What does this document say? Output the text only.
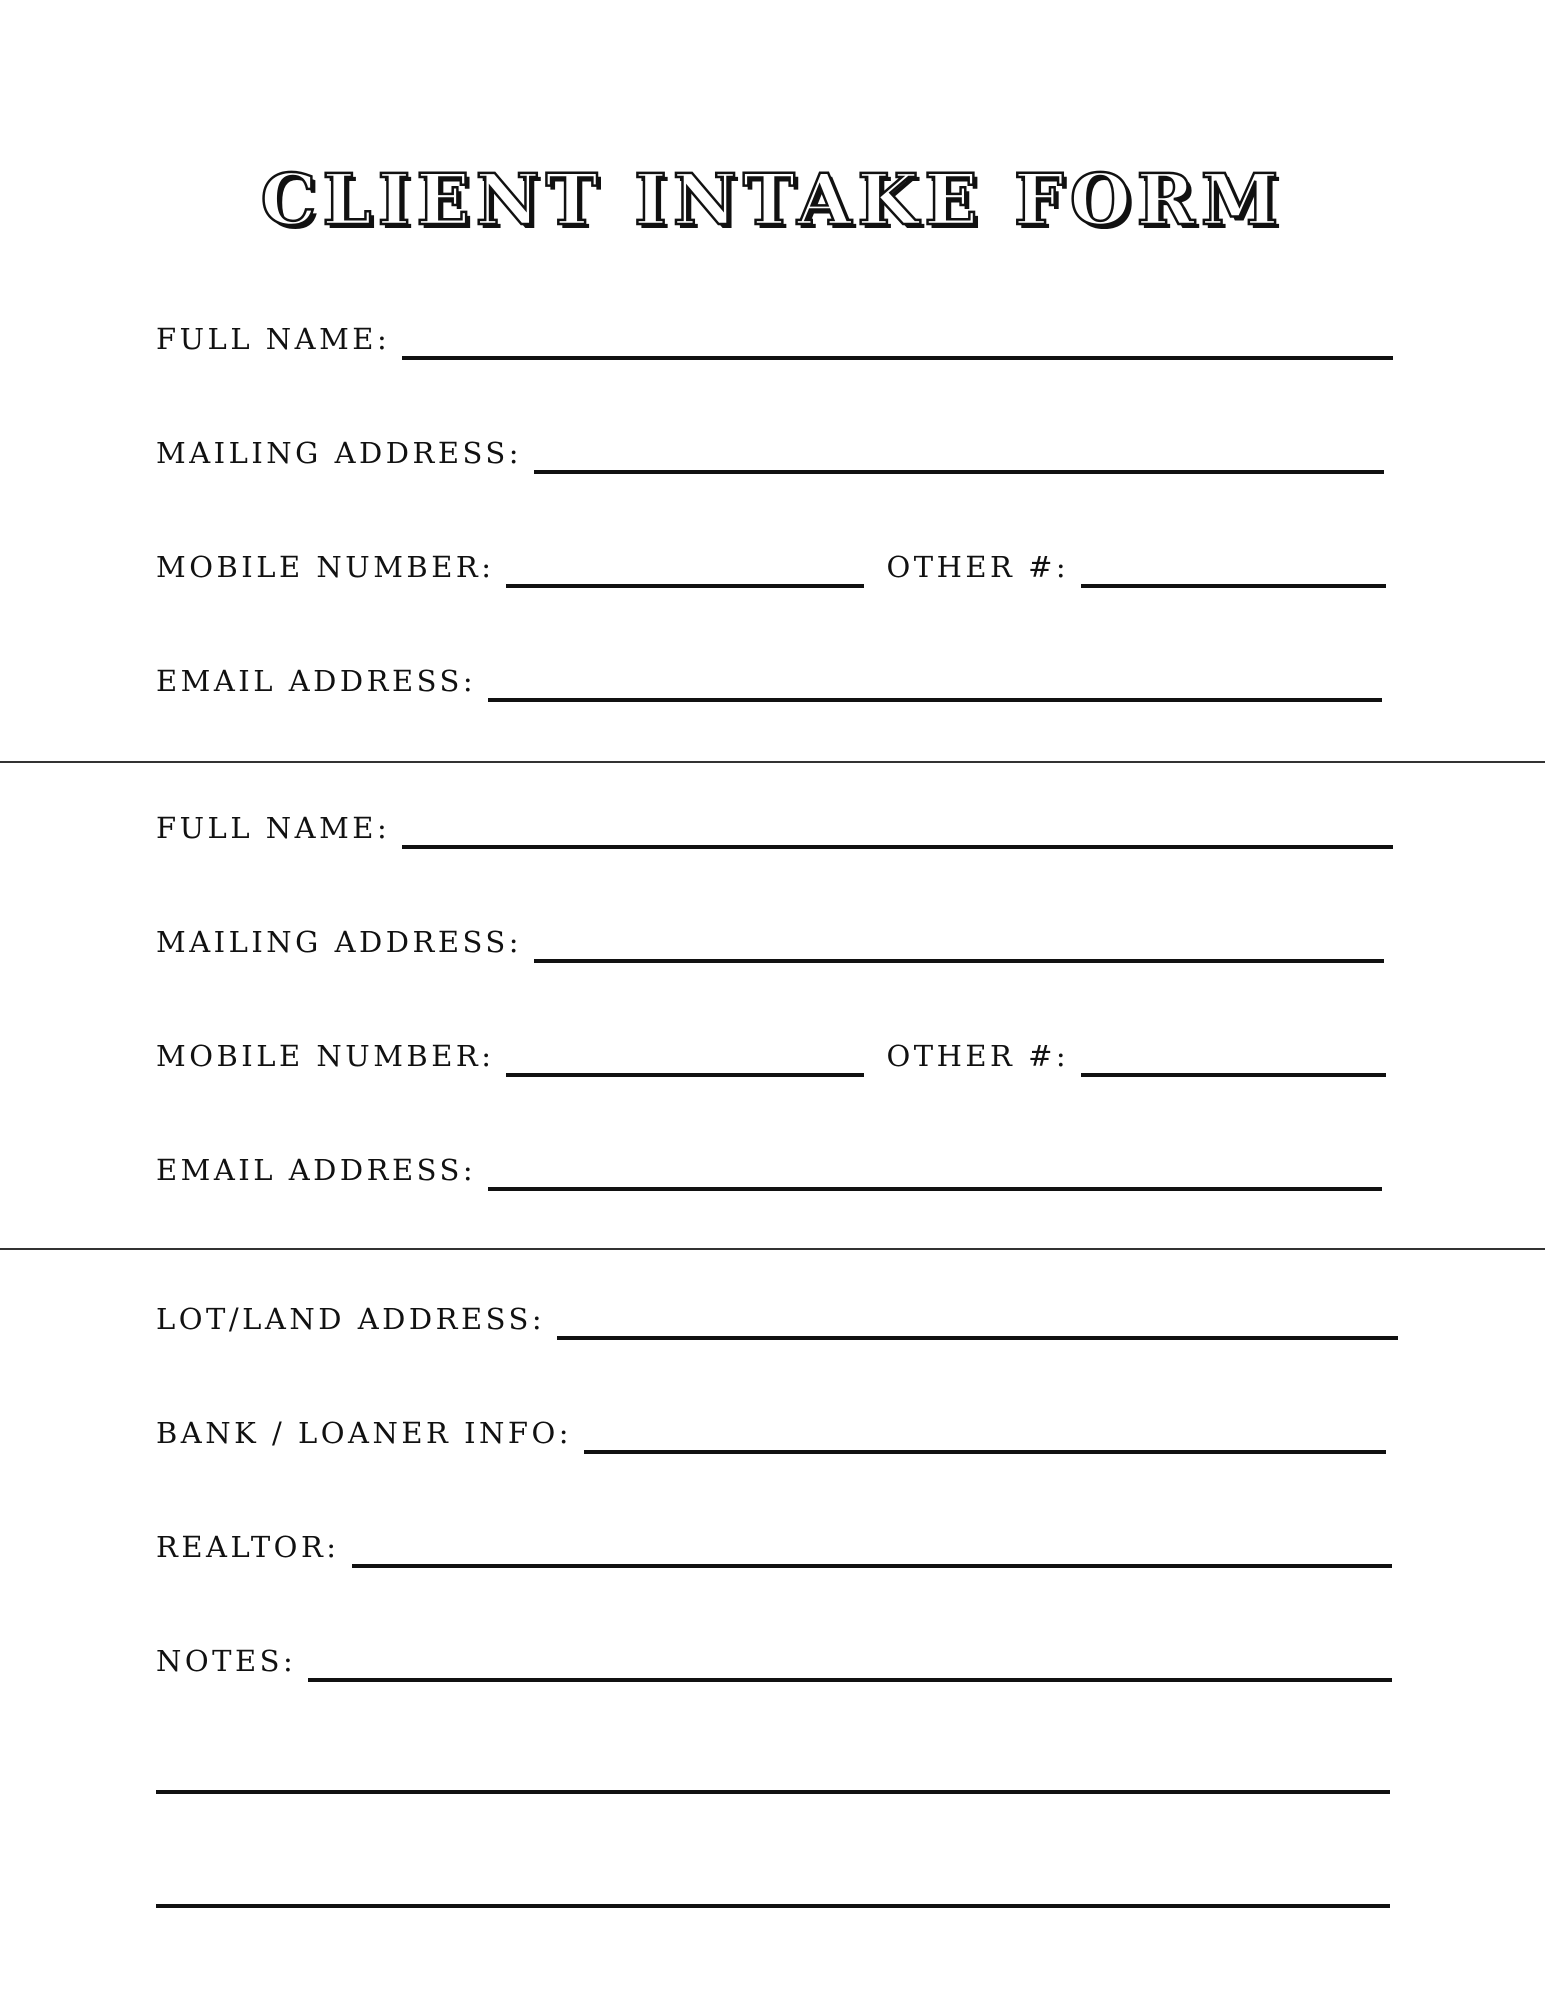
CLIENT INTAKE FORM
FULL NAME:
MAILING ADDRESS:
MOBILE NUMBER:	OTHER #:
EMAIL ADDRESS:
FULL NAME:
MAILING ADDRESS:
MOBILE NUMBER:	OTHER #:
EMAIL ADDRESS:
LOT/LAND ADDRESS:
BANK / LOANER INFO:
REALTOR:
NOTES:
